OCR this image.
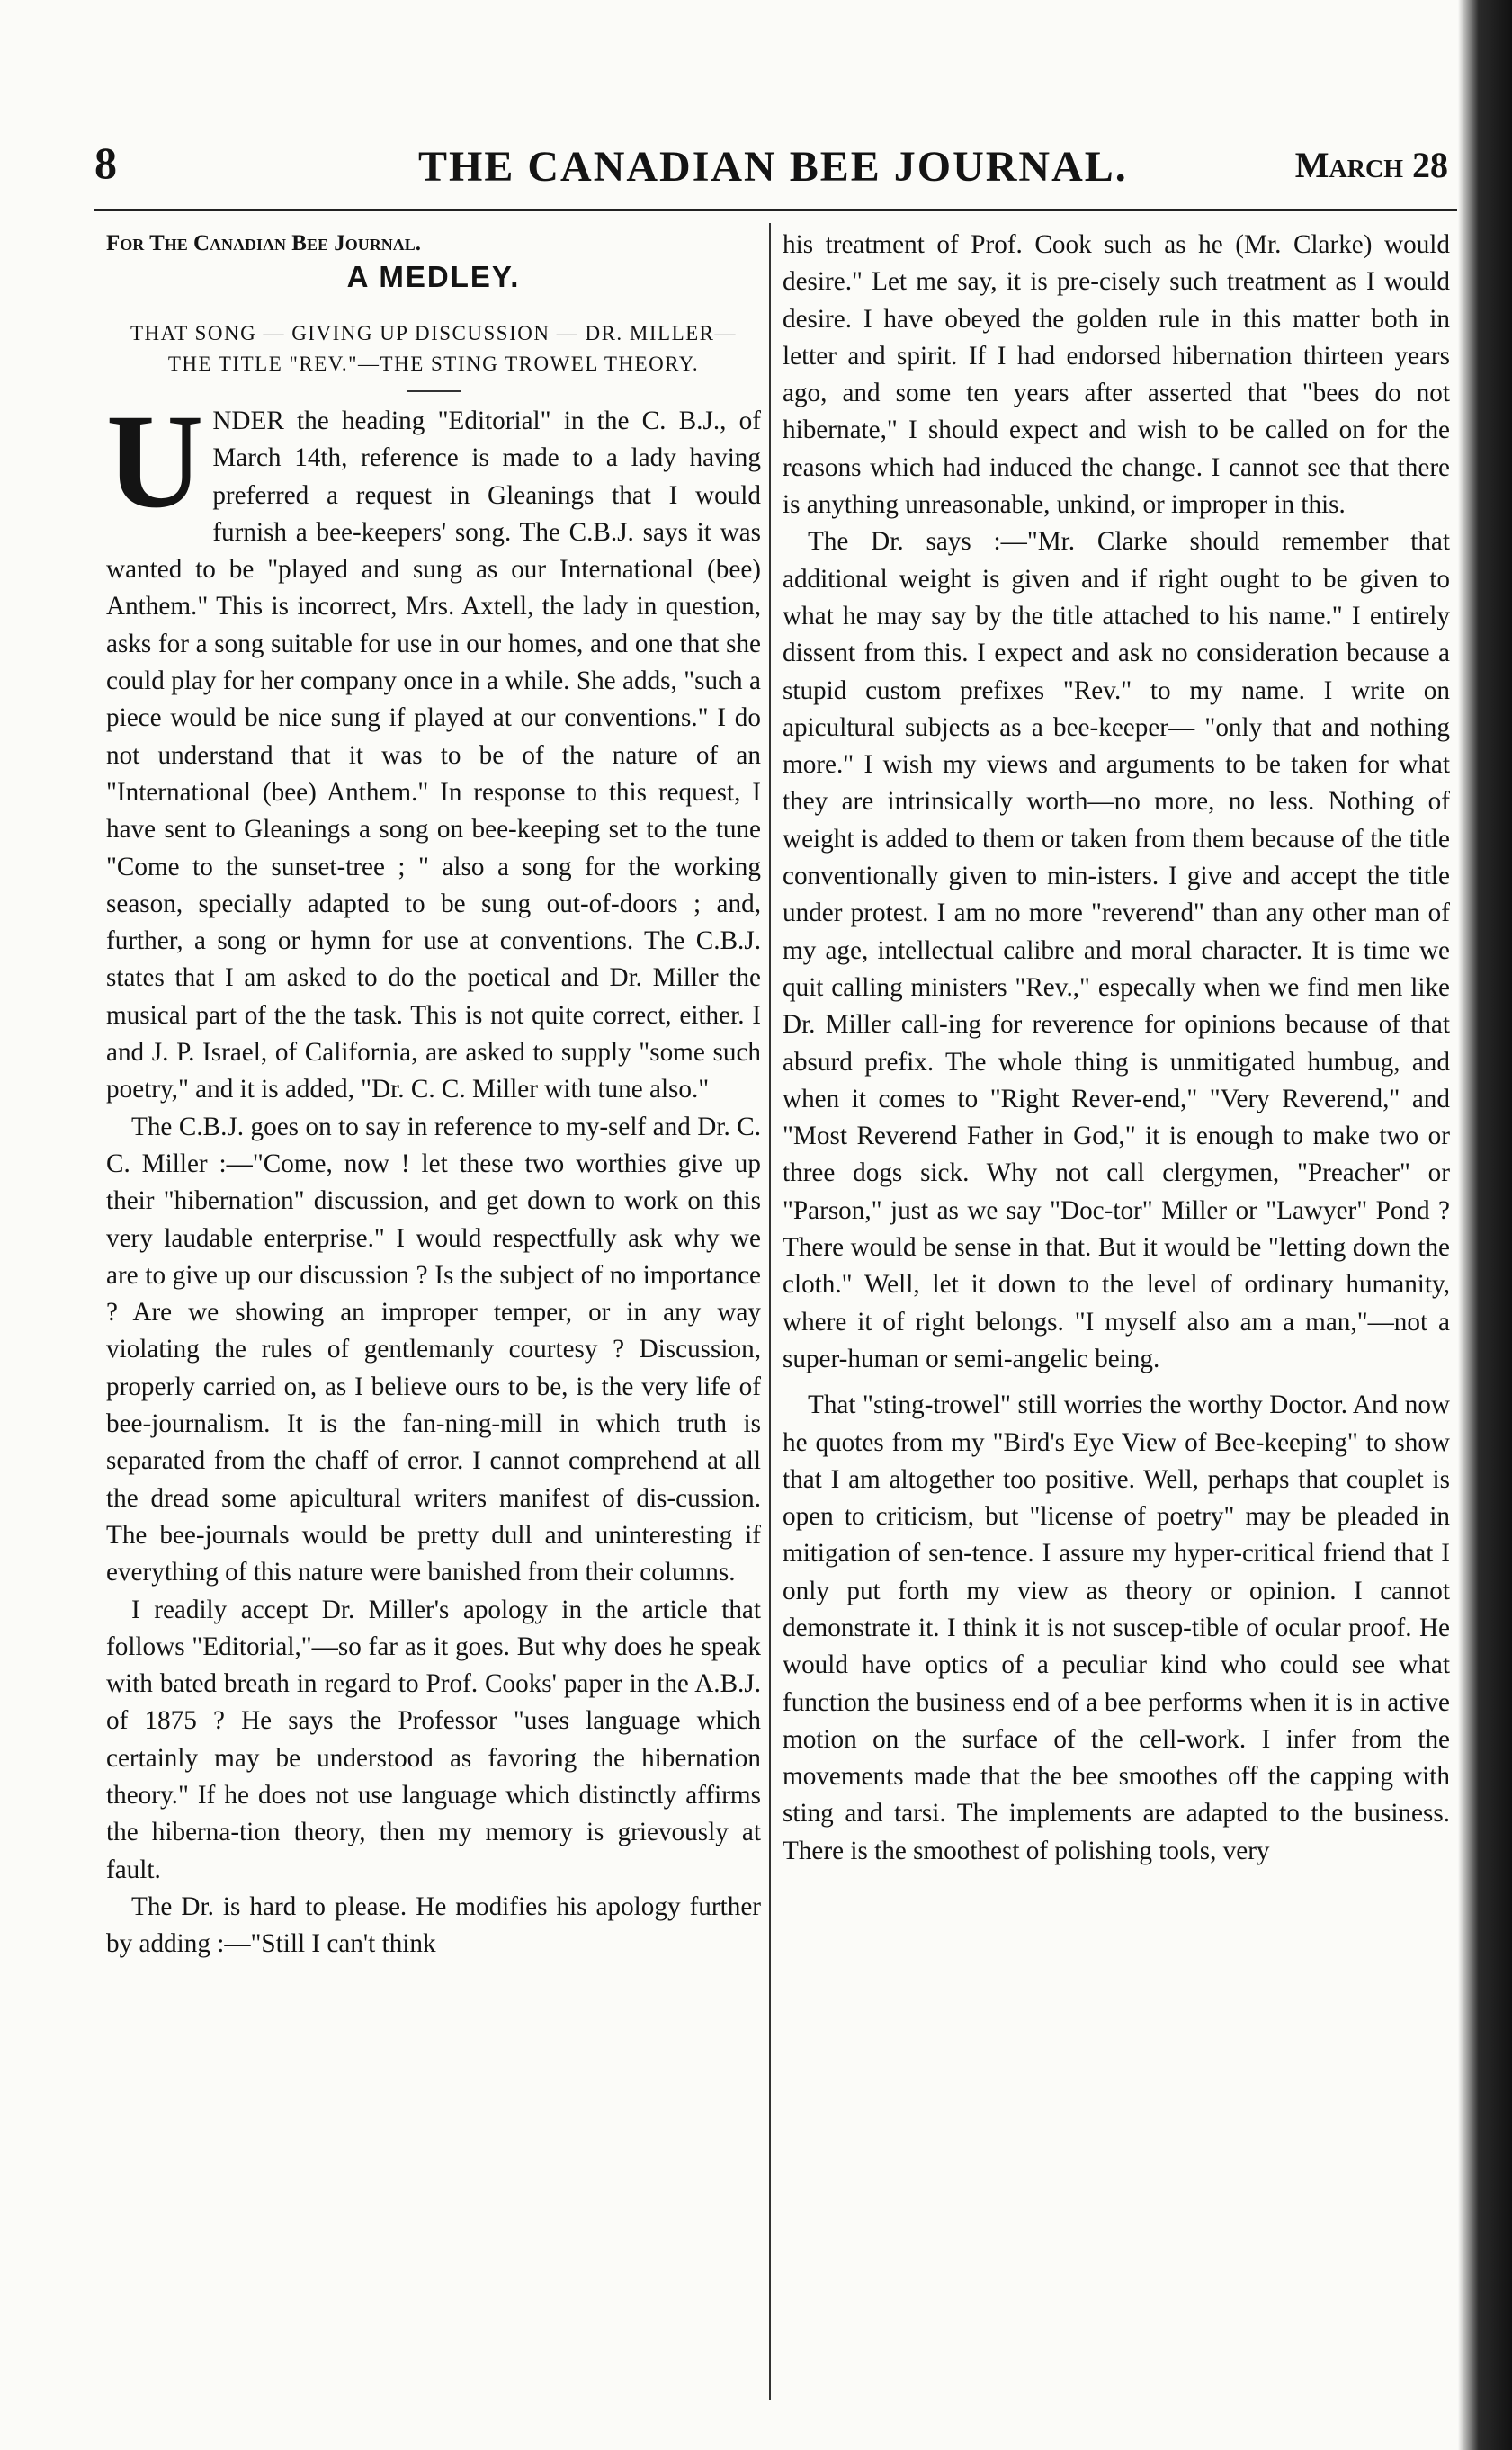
8	THE CANADIAN BEE JOURNAL.	March 28
For The Canadian Bee Journal.
A MEDLEY.
THAT SONG — GIVING UP DISCUSSION — DR. MILLER—THE TITLE "REV."—THE STING TROWEL THEORY.

UNDER the heading "Editorial" in the C. B.J., of March 14th, reference is made to a lady having preferred a request in Gleanings that I would furnish a bee-keepers' song. The C.B.J. says it was wanted to be "played and sung as our International (bee) Anthem." This is incorrect, Mrs. Axtell, the lady in question, asks for a song suitable for use in our homes, and one that she could play for her company once in a while. She adds, "such a piece would be nice sung if played at our conventions." I do not understand that it was to be of the nature of an "International (bee) Anthem." In response to this request, I have sent to Gleanings a song on bee-keeping set to the tune "Come to the sunset-tree ; " also a song for the working season, specially adapted to be sung out-of-doors ; and, further, a song or hymn for use at conventions. The C.B.J. states that I am asked to do the poetical and Dr. Miller the musical part of the the task. This is not quite correct, either. I and J. P. Israel, of California, are asked to supply "some such poetry," and it is added, "Dr. C. C. Miller with tune also."

The C.B.J. goes on to say in reference to my-self and Dr. C. C. Miller :—"Come, now ! let these two worthies give up their "hibernation" discussion, and get down to work on this very laudable enterprise." I would respectfully ask why we are to give up our discussion ? Is the subject of no importance ? Are we showing an improper temper, or in any way violating the rules of gentlemanly courtesy ? Discussion, properly carried on, as I believe ours to be, is the very life of bee-journalism. It is the fan-ning-mill in which truth is separated from the chaff of error. I cannot comprehend at all the dread some apicultural writers manifest of dis-cussion. The bee-journals would be pretty dull and uninteresting if everything of this nature were banished from their columns.

I readily accept Dr. Miller's apology in the article that follows "Editorial,"—so far as it goes. But why does he speak with bated breath in regard to Prof. Cooks' paper in the A.B.J. of 1875 ? He says the Professor "uses language which certainly may be understood as favoring the hibernation theory." If he does not use language which distinctly affirms the hiberna-tion theory, then my memory is grievously at fault.

The Dr. is hard to please. He modifies his apology further by adding :—"Still I can't think

his treatment of Prof. Cook such as he (Mr. Clarke) would desire." Let me say, it is pre-cisely such treatment as I would desire. I have obeyed the golden rule in this matter both in letter and spirit. If I had endorsed hibernation thirteen years ago, and some ten years after asserted that "bees do not hibernate," I should expect and wish to be called on for the reasons which had induced the change. I cannot see that there is anything unreasonable, unkind, or improper in this.

The Dr. says :—"Mr. Clarke should remember that additional weight is given and if right ought to be given to what he may say by the title attached to his name." I entirely dissent from this. I expect and ask no consideration because a stupid custom prefixes "Rev." to my name. I write on apicultural subjects as a bee-keeper— "only that and nothing more." I wish my views and arguments to be taken for what they are intrinsically worth—no more, no less. Nothing of weight is added to them or taken from them because of the title conventionally given to min-isters. I give and accept the title under protest. I am no more "reverend" than any other man of my age, intellectual calibre and moral character. It is time we quit calling ministers "Rev.," especally when we find men like Dr. Miller call-ing for reverence for opinions because of that absurd prefix. The whole thing is unmitigated humbug, and when it comes to "Right Rever-end," "Very Reverend," and "Most Reverend Father in God," it is enough to make two or three dogs sick. Why not call clergymen, "Preacher" or "Parson," just as we say "Doc-tor" Miller or "Lawyer" Pond ? There would be sense in that. But it would be "letting down the cloth." Well, let it down to the level of ordinary humanity, where it of right belongs. "I myself also am a man,"—not a super-human or semi-angelic being.

That "sting-trowel" still worries the worthy Doctor. And now he quotes from my "Bird's Eye View of Bee-keeping" to show that I am altogether too positive. Well, perhaps that couplet is open to criticism, but "license of poetry" may be pleaded in mitigation of sen-tence. I assure my hyper-critical friend that I only put forth my view as theory or opinion. I cannot demonstrate it. I think it is not suscep-tible of ocular proof. He would have optics of a peculiar kind who could see what function the business end of a bee performs when it is in active motion on the surface of the cell-work. I infer from the movements made that the bee smoothes off the capping with sting and tarsi. The implements are adapted to the business. There is the smoothest of polishing tools, very
